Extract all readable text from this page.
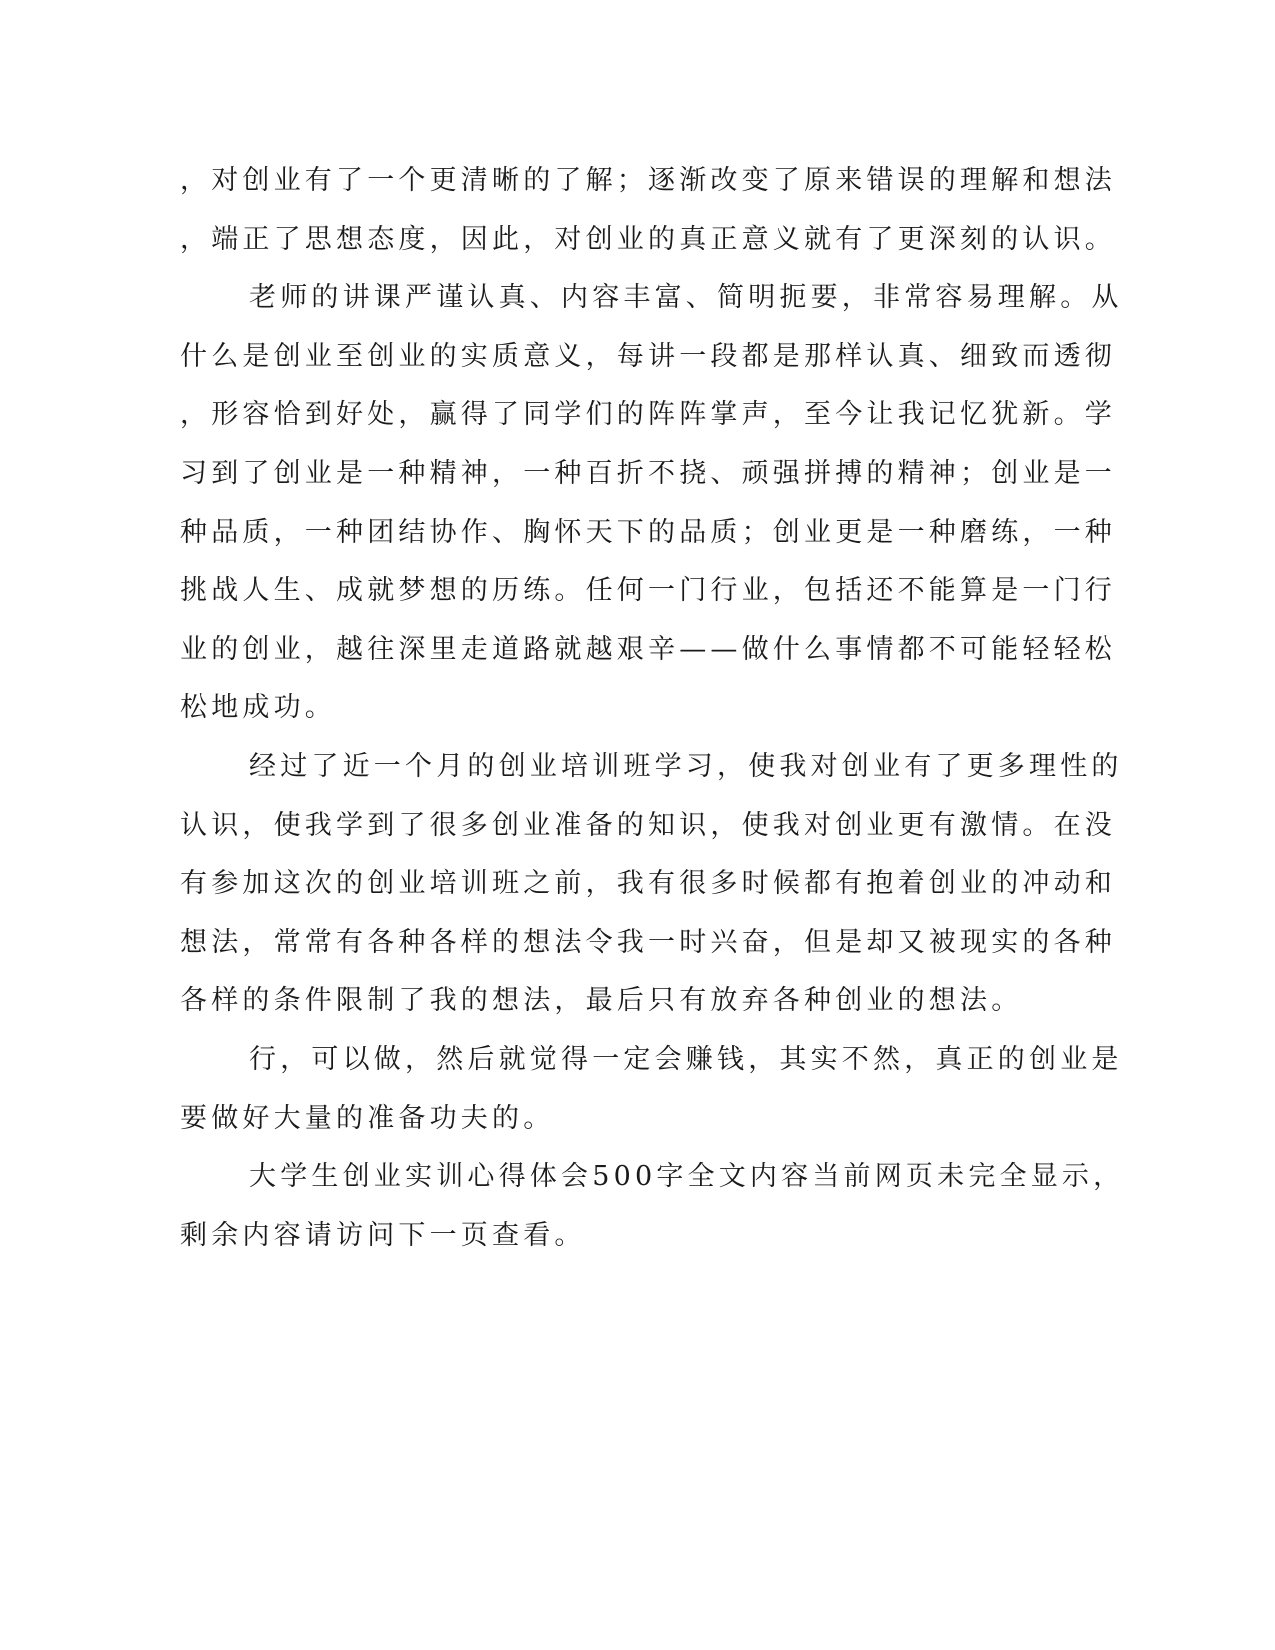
，对创业有了一个更清晰的了解；逐渐改变了原来错误的理解和想法
，端正了思想态度，因此，对创业的真正意义就有了更深刻的认识。

老师的讲课严谨认真、内容丰富、简明扼要，非常容易理解。从
什么是创业至创业的实质意义，每讲一段都是那样认真、细致而透彻
，形容恰到好处，赢得了同学们的阵阵掌声，至今让我记忆犹新。学
习到了创业是一种精神，一种百折不挠、顽强拼搏的精神；创业是一
种品质，一种团结协作、胸怀天下的品质；创业更是一种磨练，一种
挑战人生、成就梦想的历练。任何一门行业，包括还不能算是一门行
业的创业，越往深里走道路就越艰辛——做什么事情都不可能轻轻松
松地成功。

经过了近一个月的创业培训班学习，使我对创业有了更多理性的
认识，使我学到了很多创业准备的知识，使我对创业更有激情。在没
有参加这次的创业培训班之前，我有很多时候都有抱着创业的冲动和
想法，常常有各种各样的想法令我一时兴奋，但是却又被现实的各种
各样的条件限制了我的想法，最后只有放弃各种创业的想法。

行，可以做，然后就觉得一定会赚钱，其实不然，真正的创业是
要做好大量的准备功夫的。

大学生创业实训心得体会500字全文内容当前网页未完全显示，
剩余内容请访问下一页查看。
